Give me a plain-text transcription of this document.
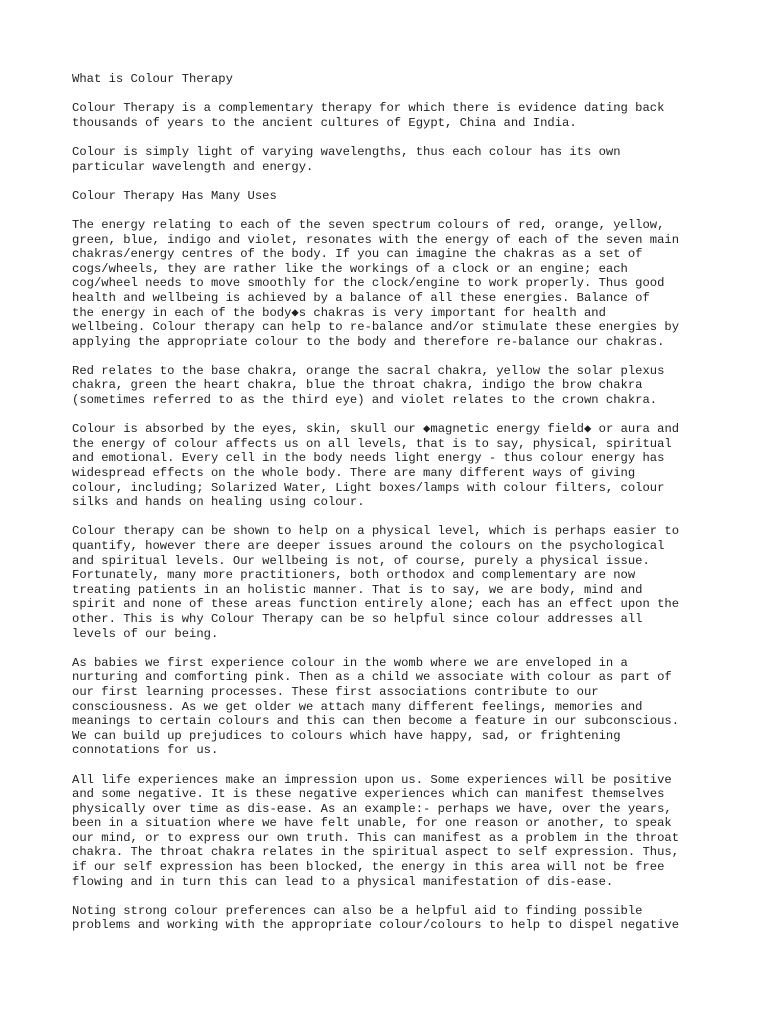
What is Colour Therapy

Colour Therapy is a complementary therapy for which there is evidence dating back
thousands of years to the ancient cultures of Egypt, China and India.

Colour is simply light of varying wavelengths, thus each colour has its own
particular wavelength and energy.

Colour Therapy Has Many Uses

The energy relating to each of the seven spectrum colours of red, orange, yellow,
green, blue, indigo and violet, resonates with the energy of each of the seven main
chakras/energy centres of the body. If you can imagine the chakras as a set of
cogs/wheels, they are rather like the workings of a clock or an engine; each
cog/wheel needs to move smoothly for the clock/engine to work properly. Thus good
health and wellbeing is achieved by a balance of all these energies. Balance of
the energy in each of the body◆s chakras is very important for health and
wellbeing. Colour therapy can help to re-balance and/or stimulate these energies by
applying the appropriate colour to the body and therefore re-balance our chakras.

Red relates to the base chakra, orange the sacral chakra, yellow the solar plexus
chakra, green the heart chakra, blue the throat chakra, indigo the brow chakra
(sometimes referred to as the third eye) and violet relates to the crown chakra.

Colour is absorbed by the eyes, skin, skull our ◆magnetic energy field◆ or aura and
the energy of colour affects us on all levels, that is to say, physical, spiritual
and emotional. Every cell in the body needs light energy - thus colour energy has
widespread effects on the whole body. There are many different ways of giving
colour, including; Solarized Water, Light boxes/lamps with colour filters, colour
silks and hands on healing using colour.

Colour therapy can be shown to help on a physical level, which is perhaps easier to
quantify, however there are deeper issues around the colours on the psychological
and spiritual levels. Our wellbeing is not, of course, purely a physical issue.
Fortunately, many more practitioners, both orthodox and complementary are now
treating patients in an holistic manner. That is to say, we are body, mind and
spirit and none of these areas function entirely alone; each has an effect upon the
other. This is why Colour Therapy can be so helpful since colour addresses all
levels of our being.

As babies we first experience colour in the womb where we are enveloped in a
nurturing and comforting pink. Then as a child we associate with colour as part of
our first learning processes. These first associations contribute to our
consciousness. As we get older we attach many different feelings, memories and
meanings to certain colours and this can then become a feature in our subconscious.
We can build up prejudices to colours which have happy, sad, or frightening
connotations for us.

All life experiences make an impression upon us. Some experiences will be positive
and some negative. It is these negative experiences which can manifest themselves
physically over time as dis-ease. As an example:- perhaps we have, over the years,
been in a situation where we have felt unable, for one reason or another, to speak
our mind, or to express our own truth. This can manifest as a problem in the throat
chakra. The throat chakra relates in the spiritual aspect to self expression. Thus,
if our self expression has been blocked, the energy in this area will not be free
flowing and in turn this can lead to a physical manifestation of dis-ease.

Noting strong colour preferences can also be a helpful aid to finding possible
problems and working with the appropriate colour/colours to help to dispel negative
